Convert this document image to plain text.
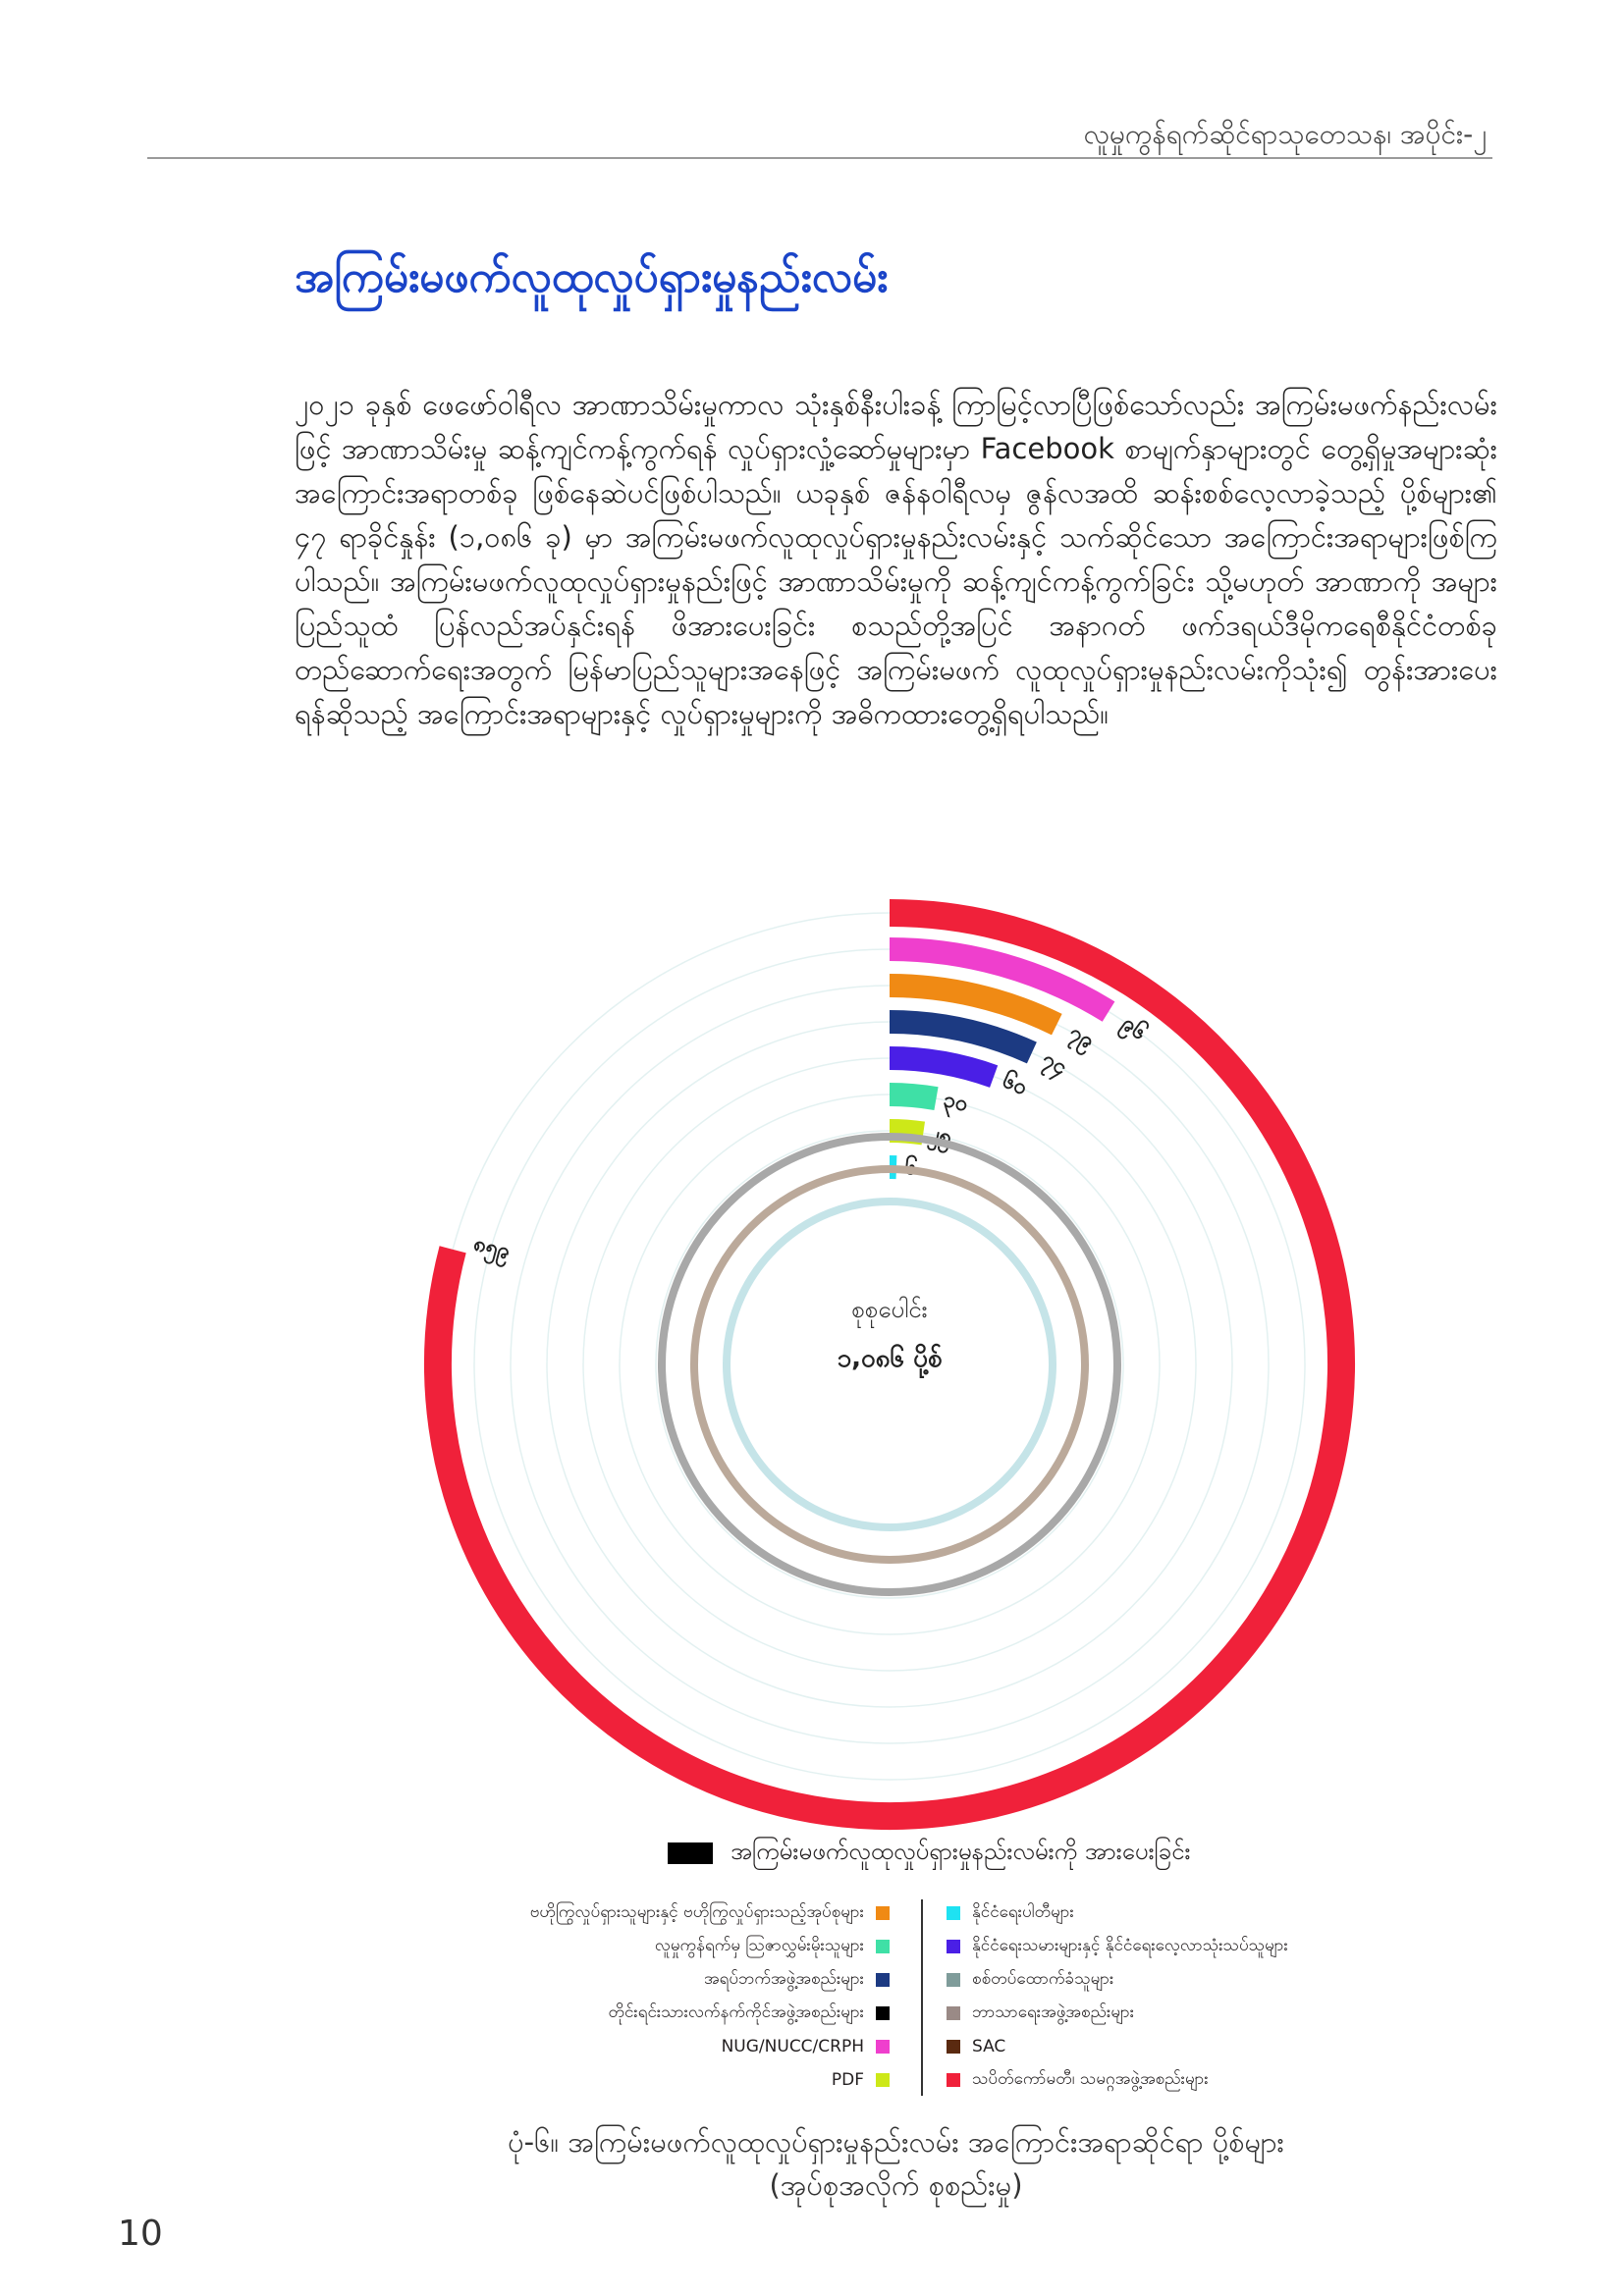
လူမှုကွန်ရက်ဆိုင်ရာသုတေသန၊ အပိုင်း-၂
အကြမ်းမဖက်လူထုလှုပ်ရှားမှုနည်းလမ်း
၂၀၂၁ ခုနှစ် ဖေဖော်ဝါရီလ အာဏာသိမ်းမှုကာလ သုံးနှစ်နီးပါးခန့် ကြာမြင့်လာပြီဖြစ်သော်လည်း အကြမ်းမဖက်နည်းလမ်းဖြင့် အာဏာသိမ်းမှု ဆန့်ကျင်ကန့်ကွက်ရန် လှုပ်ရှားလှုံ့ဆော်မှုများမှာ Facebook စာမျက်နှာများတွင် တွေ့ရှိမှုအများဆုံး အကြောင်းအရာတစ်ခု ဖြစ်နေဆဲပင်ဖြစ်ပါသည်။ ယခုနှစ် ဇန်နဝါရီလမှ ဇွန်လအထိ ဆန်းစစ်လေ့လာခဲ့သည့် ပို့စ်များ၏ ၄၇ ရာခိုင်နှုန်း (၁,၀၈၆ ခု) မှာ အကြမ်းမဖက်လူထုလှုပ်ရှားမှုနည်းလမ်းနှင့် သက်ဆိုင်သော အကြောင်းအရာများဖြစ်ကြပါသည်။ အကြမ်းမဖက်လူထုလှုပ်ရှားမှုနည်းဖြင့် အာဏာသိမ်းမှုကို ဆန့်ကျင်ကန့်ကွက်ခြင်း သို့မဟုတ် အာဏာကို အများပြည်သူထံ ပြန်လည်အပ်နှင်းရန် ဖိအားပေးခြင်း စသည်တို့အပြင် အနာဂတ် ဖက်ဒရယ်ဒီမိုကရေစီနိုင်ငံတစ်ခု တည်ဆောက်ရေးအတွက် မြန်မာပြည်သူများအနေဖြင့် အကြမ်းမဖက် လူထုလှုပ်ရှားမှုနည်းလမ်းကိုသုံး၍ တွန်းအားပေးရန်ဆိုသည့် အကြောင်းအရာများနှင့် လှုပ်ရှားမှုများကို အဓိကထားတွေ့ရှိရပါသည်။
၈၅၉
၉၆
၇၉
၇၄
၆၀
၃၀
၂၅
၆
စုစုပေါင်း
၁,၀၈၆ ပို့စ်
အကြမ်းမဖက်လူထုလှုပ်ရှားမှုနည်းလမ်းကို အားပေးခြင်း
ဗဟိုကြွလှုပ်ရှားသူများနှင့် ဗဟိုကြွလှုပ်ရှားသည့်အုပ်စုများ
လူမှုကွန်ရက်မှ ဩဇာလွှမ်းမိုးသူများ
အရပ်ဘက်အဖွဲ့အစည်းများ
တိုင်းရင်းသားလက်နက်ကိုင်အဖွဲ့အစည်းများ
NUG/NUCC/CRPH
PDF
နိုင်ငံရေးပါတီများ
နိုင်ငံရေးသမားများနှင့် နိုင်ငံရေးလေ့လာသုံးသပ်သူများ
စစ်တပ်ထောက်ခံသူများ
ဘာသာရေးအဖွဲ့အစည်းများ
SAC
သပိတ်ကော်မတီ၊ သမဂ္ဂအဖွဲ့အစည်းများ
ပုံ-၆။ အကြမ်းမဖက်လူထုလှုပ်ရှားမှုနည်းလမ်း အကြောင်းအရာဆိုင်ရာ ပို့စ်များ
(အုပ်စုအလိုက် စုစည်းမှု)
10
